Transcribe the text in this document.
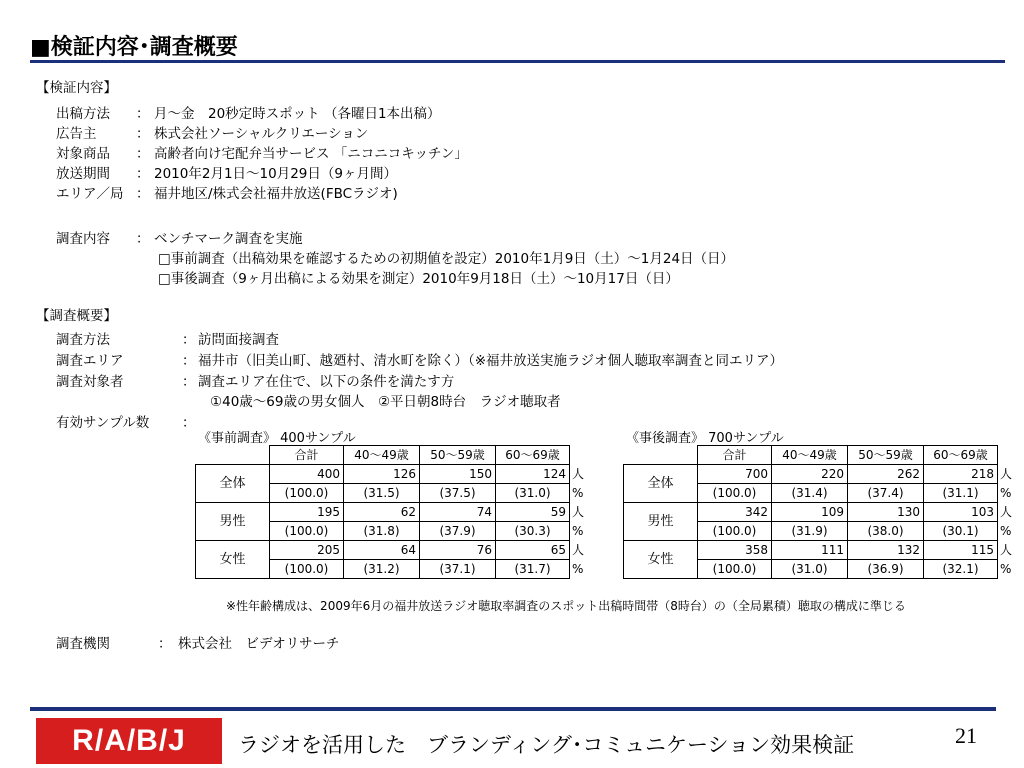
■検証内容･調査概要
【検証内容】
出稿方法 ： 月～金　20秒定時スポット （各曜日1本出稿）
広告主	： 株式会社ソーシャルクリエーション
対象商品 ： 高齢者向け宅配弁当サービス 「ニコニコキッチン」
放送期間 ： 2010年2月1日～10月29日（9ヶ月間）
エリア／局 ： 福井地区/株式会社福井放送(FBCラジオ)
調査内容 ： ベンチマーク調査を実施
□事前調査（出稿効果を確認するための初期値を設定）2010年1月9日（土）～1月24日（日）
□事後調査（9ヶ月出稿による効果を測定）2010年9月18日（土）～10月17日（日）
【調査概要】
調査方法	： 訪問面接調査
調査エリア	： 福井市（旧美山町、越廼村、清水町を除く）（※福井放送実施ラジオ個人聴取率調査と同エリア）
調査対象者	： 調査エリア在住で、以下の条件を満たす方
①40歳～69歳の男女個人　②平日朝8時台　ラジオ聴取者
有効サンプル数 ：
《事前調査》 400サンプル	《事後調査》 700サンプル
	合計	40～49歳	50～59歳	60～69歳	
全体	400	126	150	124	人
	(100.0)	(31.5)	(37.5)	(31.0)	%
男性	195	62	74	59	人
	(100.0)	(31.8)	(37.9)	(30.3)	%
女性	205	64	76	65	人
	(100.0)	(31.2)	(37.1)	(31.7)	%
	合計	40～49歳	50～59歳	60～69歳	
全体	700	220	262	218	人
	(100.0)	(31.4)	(37.4)	(31.1)	%
男性	342	109	130	103	人
	(100.0)	(31.9)	(38.0)	(30.1)	%
女性	358	111	132	115	人
	(100.0)	(31.0)	(36.9)	(32.1)	%
※性年齢構成は、2009年6月の福井放送ラジオ聴取率調査のスポット出稿時間帯（8時台）の（全局累積）聴取の構成に準じる
調査機関	： 株式会社　ビデオリサーチ
R/A/B/J	ラジオを活用した　ブランディング･コミュニケーション効果検証	21
